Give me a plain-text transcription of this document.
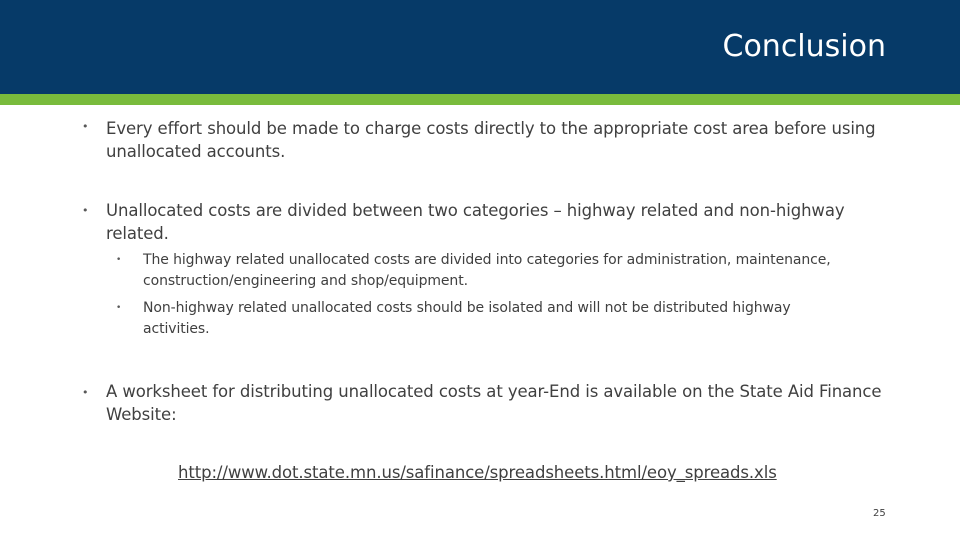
Conclusion
• Every effort should be made to charge costs directly to the appropriate cost area before using
unallocated accounts.
• Unallocated costs are divided between two categories – highway related and non-highway
related.
• The highway related unallocated costs are divided into categories for administration, maintenance,
construction/engineering and shop/equipment.
• Non-highway related unallocated costs should be isolated and will not be distributed highway
activities.
• A worksheet for distributing unallocated costs at year-End is available on the State Aid Finance
Website:
http://www.dot.state.mn.us/safinance/spreadsheets.html/eoy_spreads.xls
25
